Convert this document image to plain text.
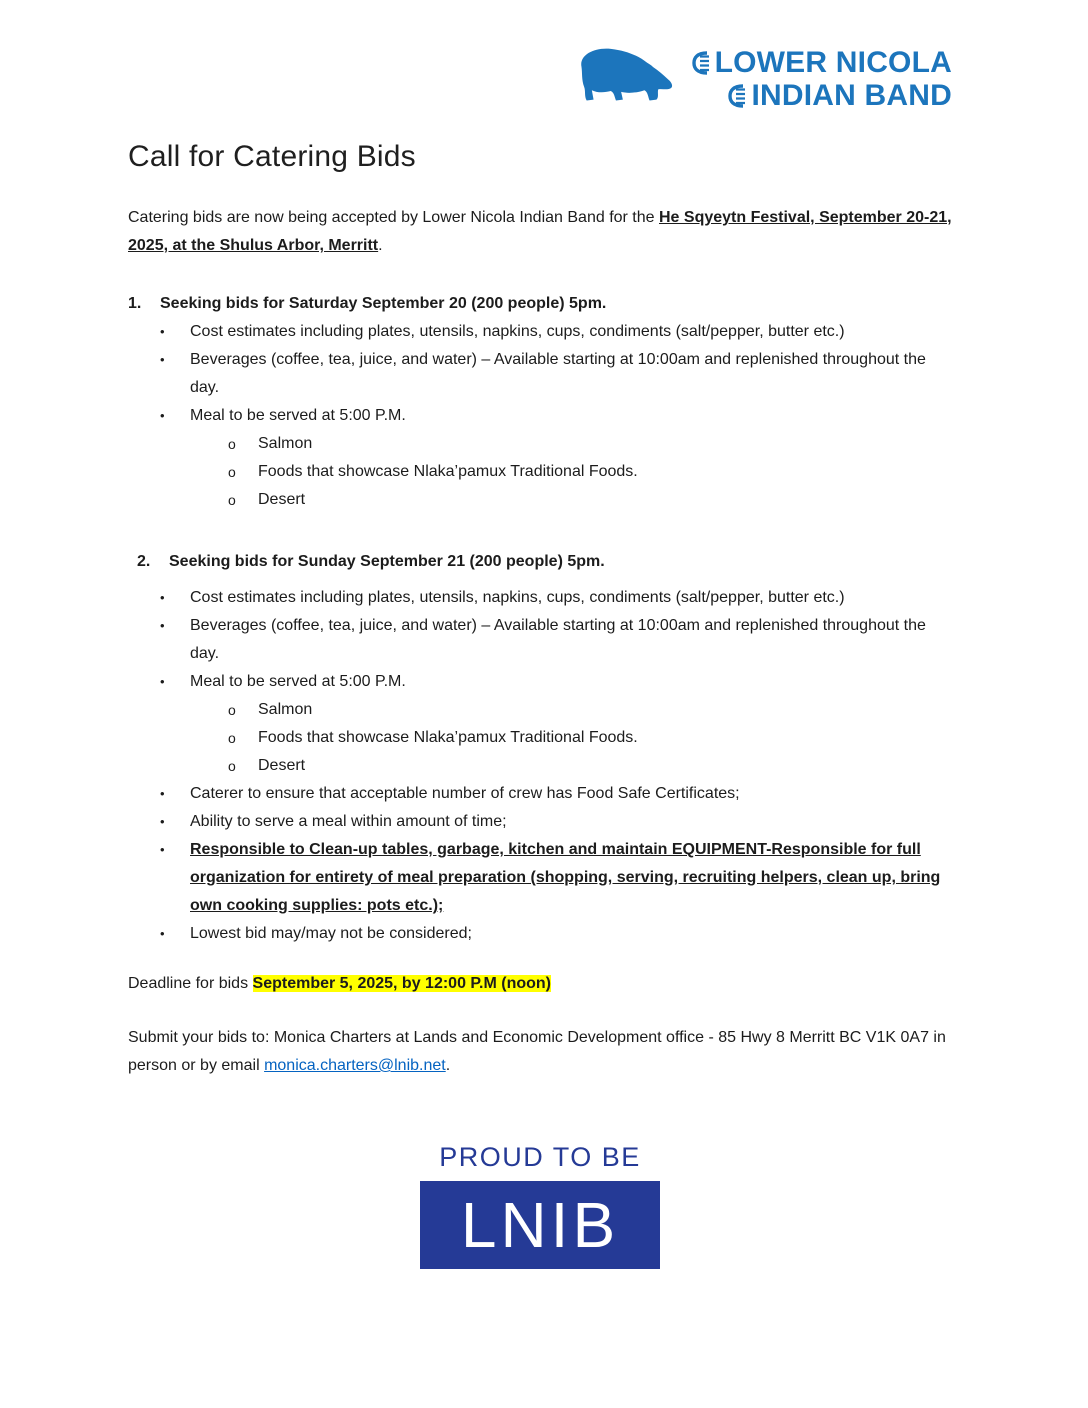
LOWER NICOLA
INDIAN BAND
Call for Catering Bids

Catering bids are now being accepted by Lower Nicola Indian Band for the He Sqyeytn Festival, September 20-21, 2025, at the Shulus Arbor, Merritt.

1.	Seeking bids for Saturday September 20 (200 people) 5pm.
•	Cost estimates including plates, utensils, napkins, cups, condiments (salt/pepper, butter etc.)
•	Beverages (coffee, tea, juice, and water) – Available starting at 10:00am and replenished throughout the day.
•	Meal to be served at 5:00 P.M.
o	Salmon
o	Foods that showcase Nlaka’pamux Traditional Foods.
o	Desert
2.	Seeking bids for Sunday September 21 (200 people) 5pm.
•	Cost estimates including plates, utensils, napkins, cups, condiments (salt/pepper, butter etc.)
•	Beverages (coffee, tea, juice, and water) – Available starting at 10:00am and replenished throughout the day.
•	Meal to be served at 5:00 P.M.
o	Salmon
o	Foods that showcase Nlaka’pamux Traditional Foods.
o	Desert
•	Caterer to ensure that acceptable number of crew has Food Safe Certificates;
•	Ability to serve a meal within amount of time;
•	Responsible to Clean-up tables, garbage, kitchen and maintain EQUIPMENT-Responsible for full organization for entirety of meal preparation (shopping, serving, recruiting helpers, clean up, bring own cooking supplies: pots etc.);
•	Lowest bid may/may not be considered;

Deadline for bids September 5, 2025, by 12:00 P.M (noon)

Submit your bids to: Monica Charters at Lands and Economic Development office - 85 Hwy 8 Merritt BC V1K 0A7 in person or by email monica.charters@lnib.net.

PROUD TO BE
LNIB
